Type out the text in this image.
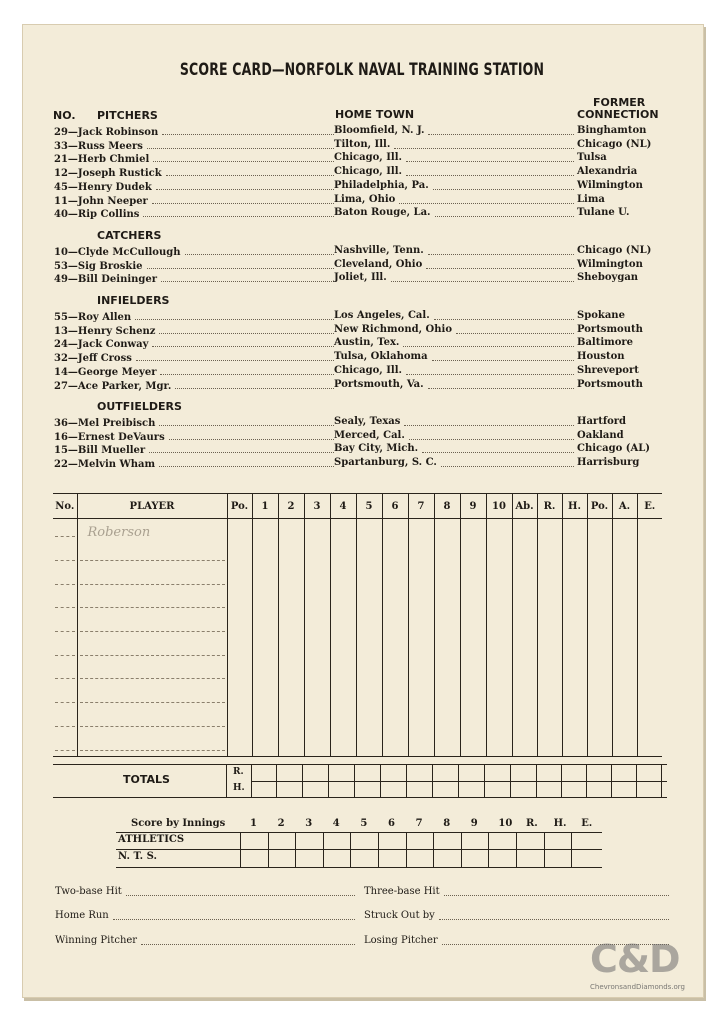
SCORE CARD—NORFOLK NAVAL TRAINING STATION
NO. PITCHERS	HOME TOWN
FORMER
CONNECTION
29—Jack Robinson	Bloomfield, N. J.	Binghamton
33—Russ Meers	Tilton, Ill.	Chicago (NL)
21—Herb Chmiel	Chicago, Ill.	Tulsa
12—Joseph Rustick	Chicago, Ill.	Alexandria
45—Henry Dudek	Philadelphia, Pa.	Wilmington
11—John Neeper	Lima, Ohio	Lima
40—Rip Collins	Baton Rouge, La.	Tulane U.
10—Clyde McCullough	Nashville, Tenn.	Chicago (NL)
53—Sig Broskie	Cleveland, Ohio	Wilmington
49—Bill Deininger	Joliet, Ill.	Sheboygan
55—Roy Allen	Los Angeles, Cal.	Spokane
13—Henry Schenz	New Richmond, Ohio	Portsmouth
24—Jack Conway	Austin, Tex.	Baltimore
32—Jeff Cross	Tulsa, Oklahoma	Houston
14—George Meyer	Chicago, Ill.	Shreveport
27—Ace Parker, Mgr.	Portsmouth, Va.	Portsmouth
36—Mel Preibisch	Sealy, Texas	Hartford
16—Ernest DeVaurs	Merced, Cal.	Oakland
15—Bill Mueller	Bay City, Mich.	Chicago (AL)
22—Melvin Wham	Spartanburg, S. C.	Harrisburg
CATCHERS
INFIELDERS
OUTFIELDERS
No.	PLAYER	Po.	1	2	3	4	5	6	7	8	9	10	Ab.	R.	H.	Po.	A.	E.

	Roberson																	

TOTALS
R.
H.
Score by Innings 1 2 3 4 5 6 7 8 9 10 R. H. E.
ATHLETICS
N. T. S.
Two-base Hit	Three-base Hit
Home Run	Struck Out by
Winning Pitcher	Losing Pitcher	C&D
ChevronsandDiamonds.org
